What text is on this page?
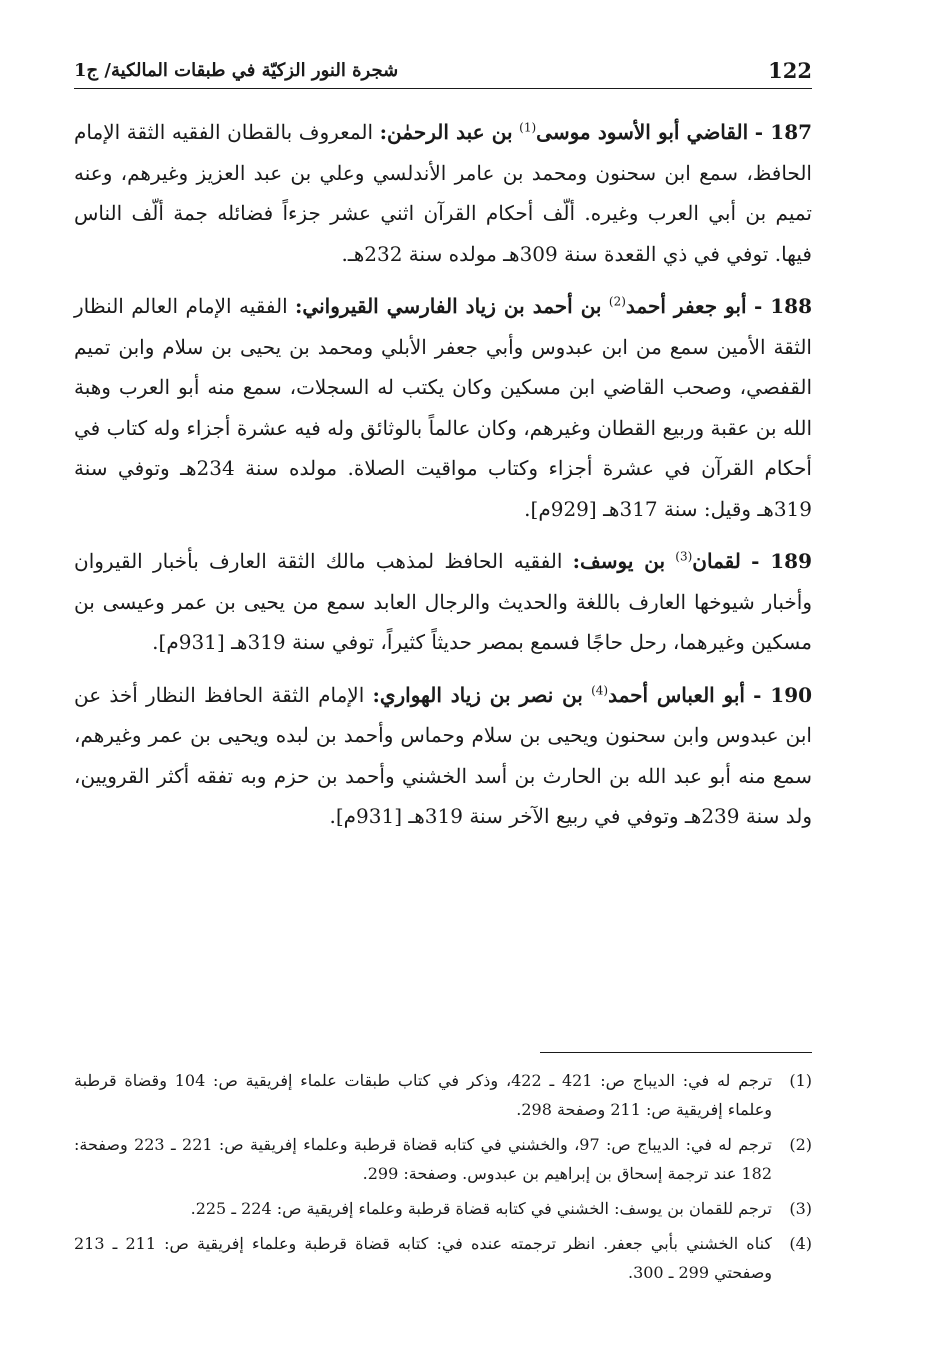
122
شجرة النور الزكيّة في طبقات المالكية/ ج1

187 - القاضي أبو الأسود موسى$^{(1)}$ بن عبد الرحمٰن: المعروف بالقطان الفقيه الثقة الإمام الحافظ، سمع ابن سحنون ومحمد بن عامر الأندلسي وعلي بن عبد العزيز وغيرهم، وعنه تميم بن أبي العرب وغيره. ألّف أحكام القرآن اثني عشر جزءاً فضائله جمة ألّف الناس فيها. توفي في ذي القعدة سنة 309هـ مولده سنة 232هـ.

188 - أبو جعفر أحمد$^{(2)}$ بن أحمد بن زياد الفارسي القيرواني: الفقيه الإمام العالم النظار الثقة الأمين سمع من ابن عبدوس وأبي جعفر الأبلي ومحمد بن يحيى بن سلام وابن تميم القفصي، وصحب القاضي ابن مسكين وكان يكتب له السجلات، سمع منه أبو العرب وهبة الله بن عقبة وربيع القطان وغيرهم، وكان عالماً بالوثائق وله فيه عشرة أجزاء وله كتاب في أحكام القرآن في عشرة أجزاء وكتاب مواقيت الصلاة. مولده سنة 234هـ وتوفي سنة 319هـ وقيل: سنة 317هـ [929م].

189 - لقمان$^{(3)}$ بن يوسف: الفقيه الحافظ لمذهب مالك الثقة العارف بأخبار القيروان وأخبار شيوخها العارف باللغة والحديث والرجال العابد سمع من يحيى بن عمر وعيسى بن مسكين وغيرهما، رحل حاجًا فسمع بمصر حديثاً كثيراً، توفي سنة 319هـ [931م].

190 - أبو العباس أحمد$^{(4)}$ بن نصر بن زياد الهواري: الإمام الثقة الحافظ النظار أخذ عن ابن عبدوس وابن سحنون ويحيى بن سلام وحماس وأحمد بن لبده ويحيى بن عمر وغيرهم، سمع منه أبو عبد الله بن الحارث بن أسد الخشني وأحمد بن حزم وبه تفقه أكثر القرويين، ولد سنة 239هـ وتوفي في ربيع الآخر سنة 319هـ [931م].

(1)
ترجم له في: الديباج ص: 421 ـ 422، وذكر في كتاب طبقات علماء إفريقية ص: 104 وقضاة قرطبة وعلماء إفريقية ص: 211 وصفحة 298.
(2)
ترجم له في: الديباج ص: 97، والخشني في كتابه قضاة قرطبة وعلماء إفريقية ص: 221 ـ 223 وصفحة: 182 عند ترجمة إسحاق بن إبراهيم بن عبدوس. وصفحة: 299.
(3)
ترجم للقمان بن يوسف: الخشني في كتابه قضاة قرطبة وعلماء إفريقية ص: 224 ـ 225.
(4)
كناه الخشني بأبي جعفر. انظر ترجمته عنده في: كتابه قضاة قرطبة وعلماء إفريقية ص: 211 ـ 213 وصفحتي 299 ـ 300.
